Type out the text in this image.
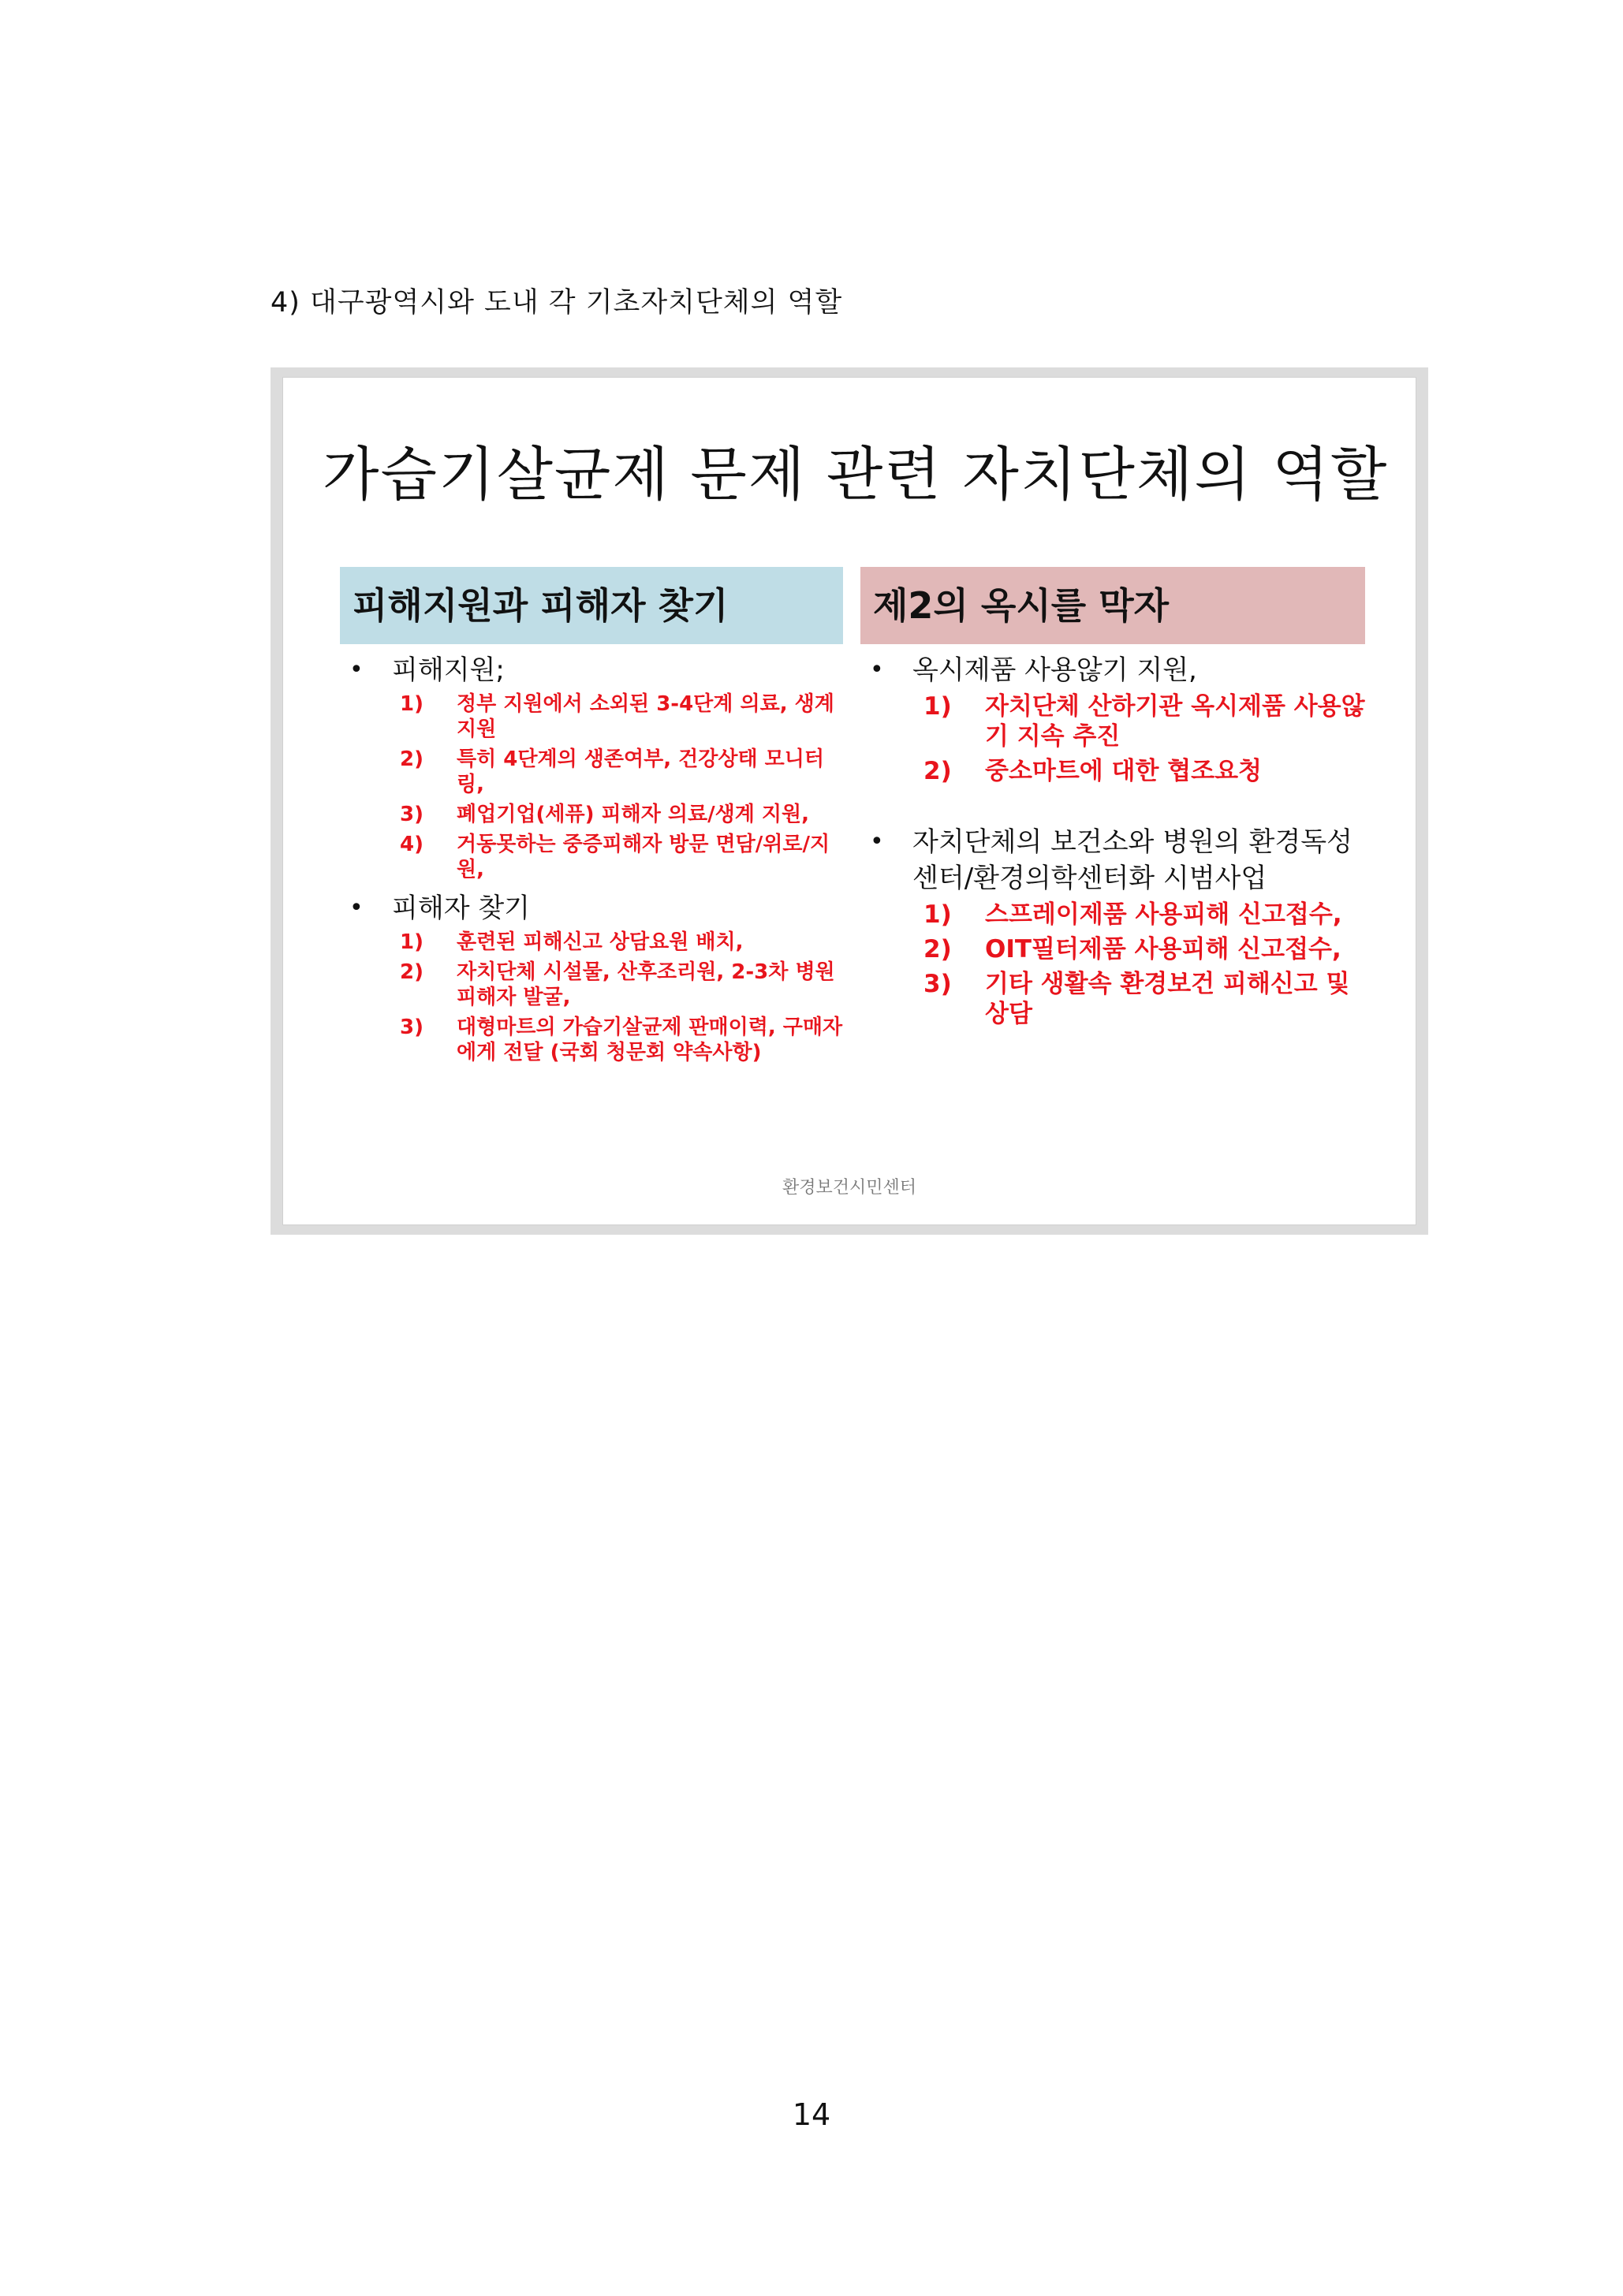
4) 대구광역시와 도내 각 기초자치단체의 역할
가습기살균제 문제 관련 자치단체의 역할
피해지원과 피해자 찾기
• 피해지원;
1) 정부 지원에서 소외된 3-4단계 의료, 생계 지원
2) 특히 4단계의 생존여부, 건강상태 모니터링,
3) 폐업기업(세퓨) 피해자 의료/생계 지원,
4) 거동못하는 중증피해자 방문 면담/위로/지원,
• 피해자 찾기
1) 훈련된 피해신고 상담요원 배치,
2) 자치단체 시설물, 산후조리원, 2-3차 병원 피해자 발굴,
3) 대형마트의 가습기살균제 판매이력, 구매자에게 전달 (국회 청문회 약속사항)
제2의 옥시를 막자
• 옥시제품 사용않기 지원,
1) 자치단체 산하기관 옥시제품 사용않기 지속 추진
2) 중소마트에 대한 협조요청
• 자치단체의 보건소와 병원의 환경독성센터/환경의학센터화 시범사업
1) 스프레이제품 사용피해 신고접수,
2) OIT필터제품 사용피해 신고접수,
3) 기타 생활속 환경보건 피해신고 및 상담
환경보건시민센터
14
